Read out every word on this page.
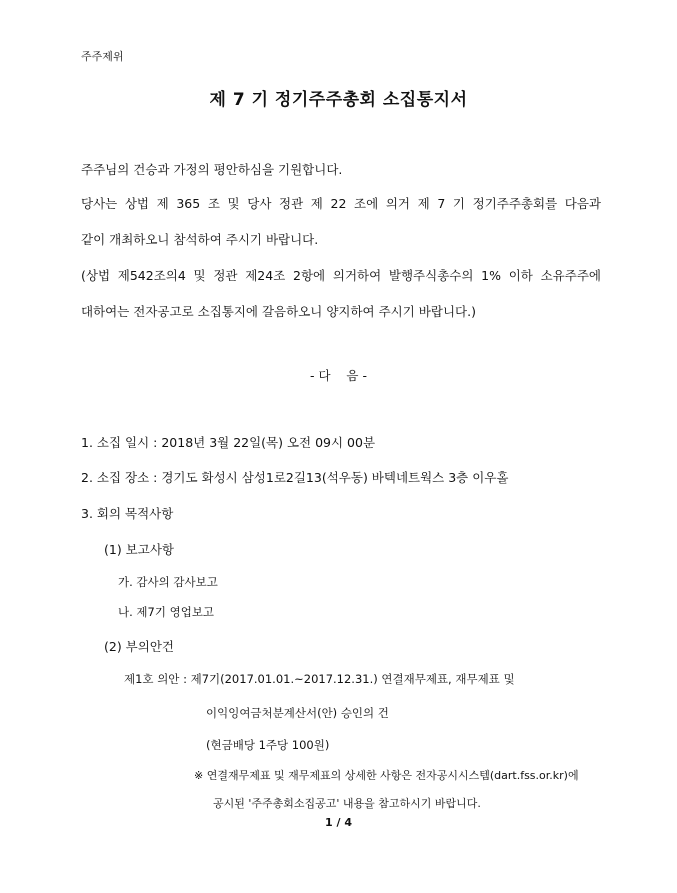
주주제위
제 7 기 정기주주총회 소집통지서
주주님의 건승과 가정의 평안하심을 기원합니다.
당사는 상법 제 365 조 및 당사 정관 제 22 조에 의거 제 7 기 정기주주총회를 다음과
같이 개최하오니 참석하여 주시기 바랍니다.
(상법 제542조의4 및 정관 제24조 2항에 의거하여 발행주식총수의 1% 이하 소유주주에
대하여는 전자공고로 소집통지에 갈음하오니 양지하여 주시기 바랍니다.)
- 다    음 -
1. 소집 일시 : 2018년 3월 22일(목) 오전 09시 00분
2. 소집 장소 : 경기도 화성시 삼성1로2길13(석우동) 바텍네트웍스 3층 이우홀
3. 회의 목적사항
(1) 보고사항
가. 감사의 감사보고
나. 제7기 영업보고
(2) 부의안건
제1호 의안 : 제7기(2017.01.01.~2017.12.31.) 연결재무제표, 재무제표 및
이익잉여금처분계산서(안) 승인의 건
(현금배당 1주당 100원)
※ 연결재무제표 및 재무제표의 상세한 사항은 전자공시시스템(dart.fss.or.kr)에
공시된 '주주총회소집공고' 내용을 참고하시기 바랍니다.
1 / 4
